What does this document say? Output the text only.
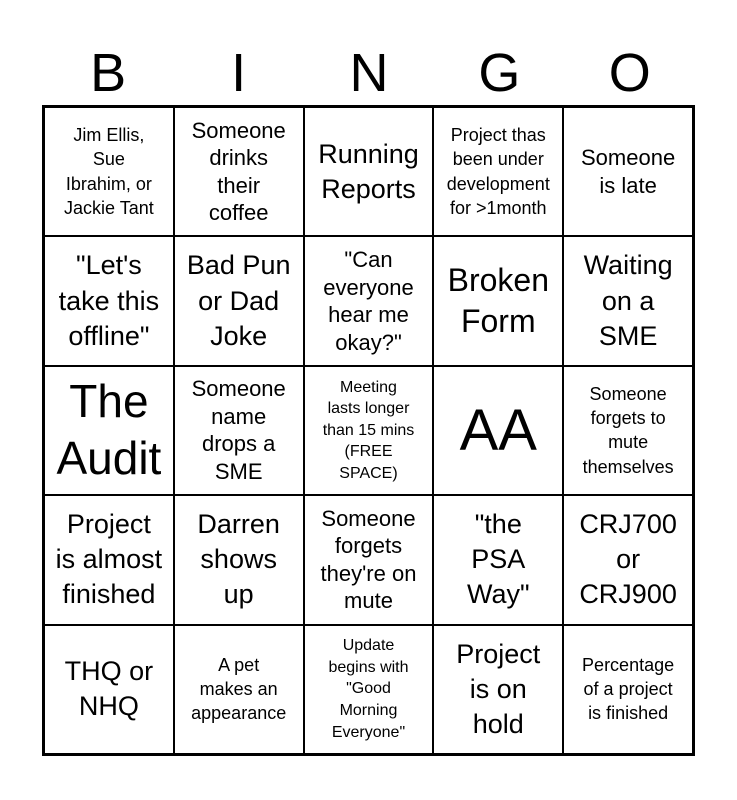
B	I	N	G	O
Jim Ellis,
Sue
Ibrahim, or
Jackie Tant
Someone
drinks
their
coffee
Running
Reports
Project thas
been under
development
for >1month
Someone
is late
"Let's
take this
offline"
Bad Pun
or Dad
Joke
"Can
everyone
hear me
okay?"
Broken
Form
Waiting
on a
SME
The
Audit
Someone
name
drops a
SME
Meeting
lasts longer
than 15 mins
(FREE
SPACE)
AA
Someone
forgets to
mute
themselves
Project
is almost
finished
Darren
shows
up
Someone
forgets
they're on
mute
"the
PSA
Way"
CRJ700
or
CRJ900
THQ or
NHQ
A pet
makes an
appearance
Update
begins with
"Good
Morning
Everyone"
Project
is on
hold
Percentage
of a project
is finished
